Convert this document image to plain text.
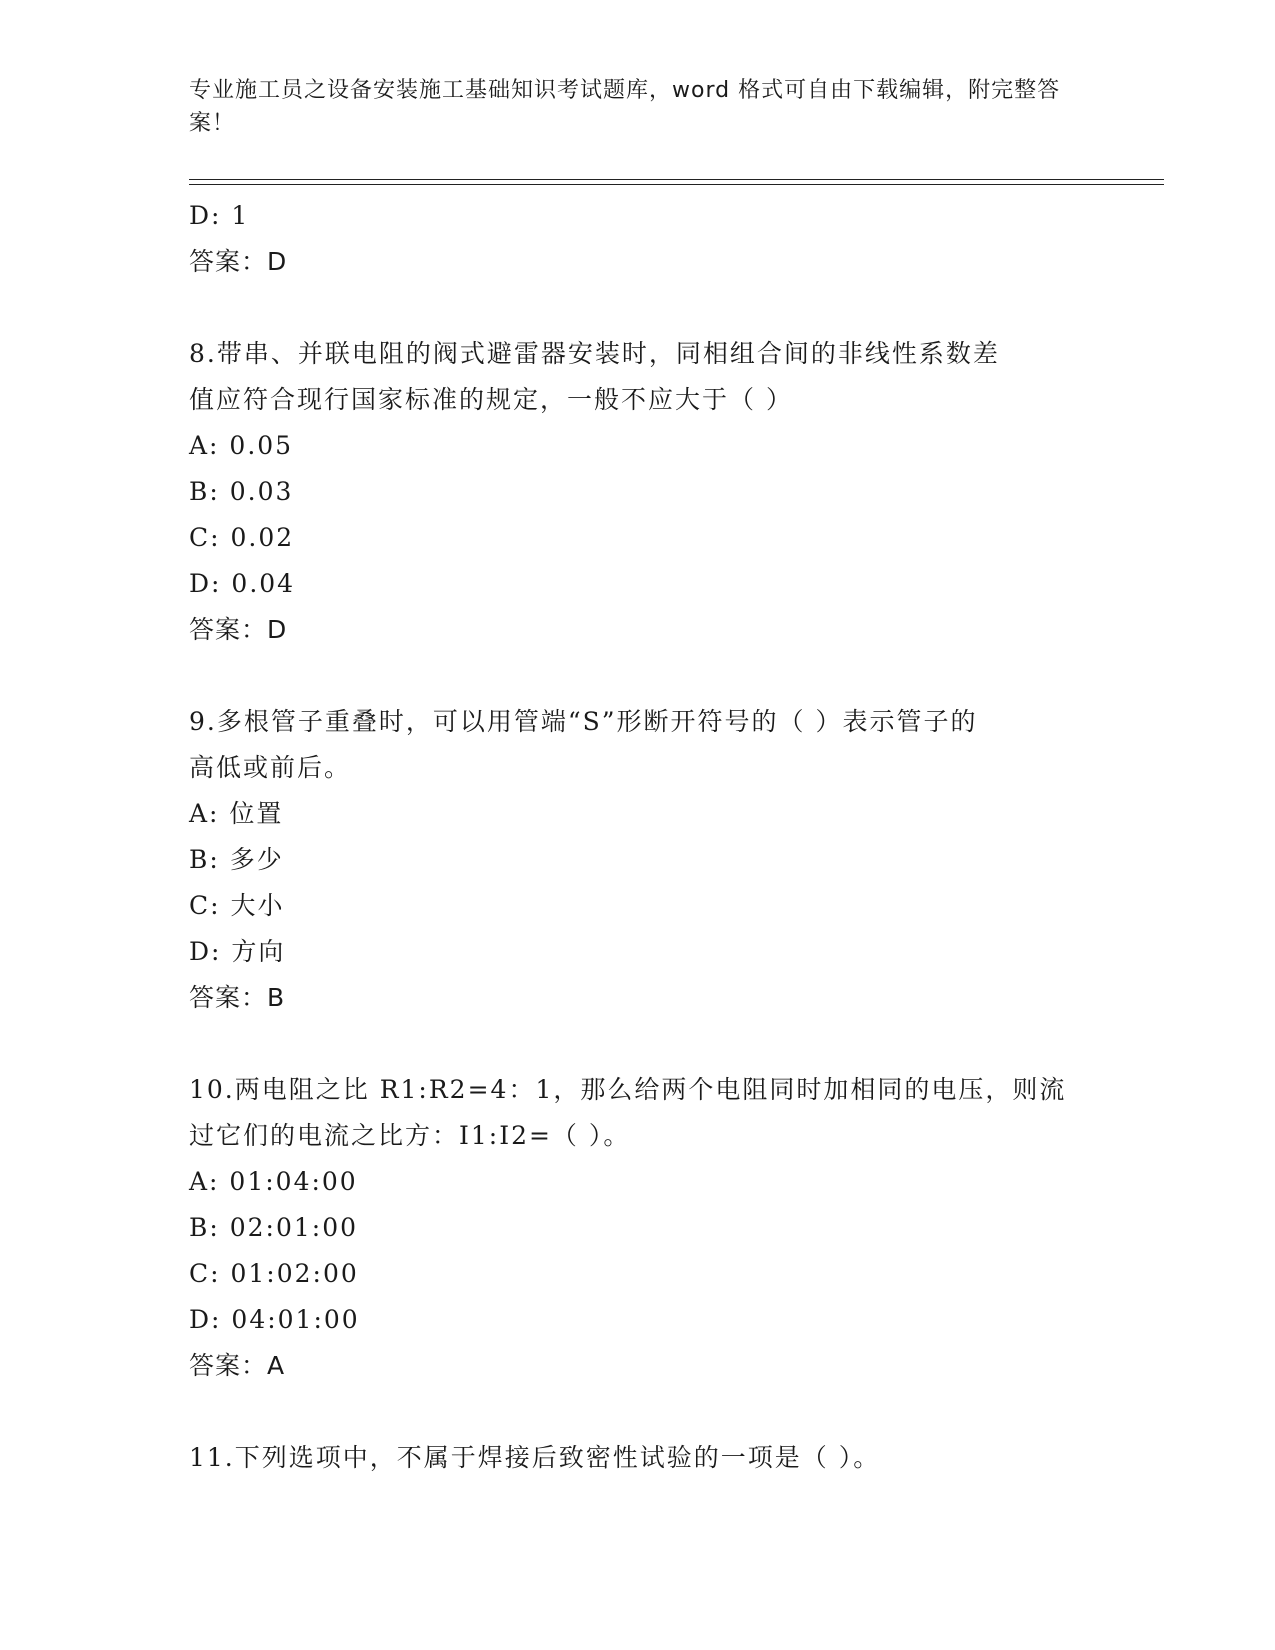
专业施工员之设备安装施工基础知识考试题库，word 格式可自由下载编辑，附完整答案！
D: 1
答案：D
8.带串、并联电阻的阀式避雷器安装时，同相组合间的非线性系数差
值应符合现行国家标准的规定，一般不应大于（ ）
A: 0.05
B: 0.03
C: 0.02
D: 0.04
答案：D
9.多根管子重叠时，可以用管端“S”形断开符号的（ ）表示管子的
高低或前后。
A: 位置
B: 多少
C: 大小
D: 方向
答案：B
10.两电阻之比 R1:R2=4：1，那么给两个电阻同时加相同的电压，则流
过它们的电流之比方：I1:I2=（ ）。
A: 01:04:00
B: 02:01:00
C: 01:02:00
D: 04:01:00
答案：A
11.下列选项中，不属于焊接后致密性试验的一项是（ ）。
